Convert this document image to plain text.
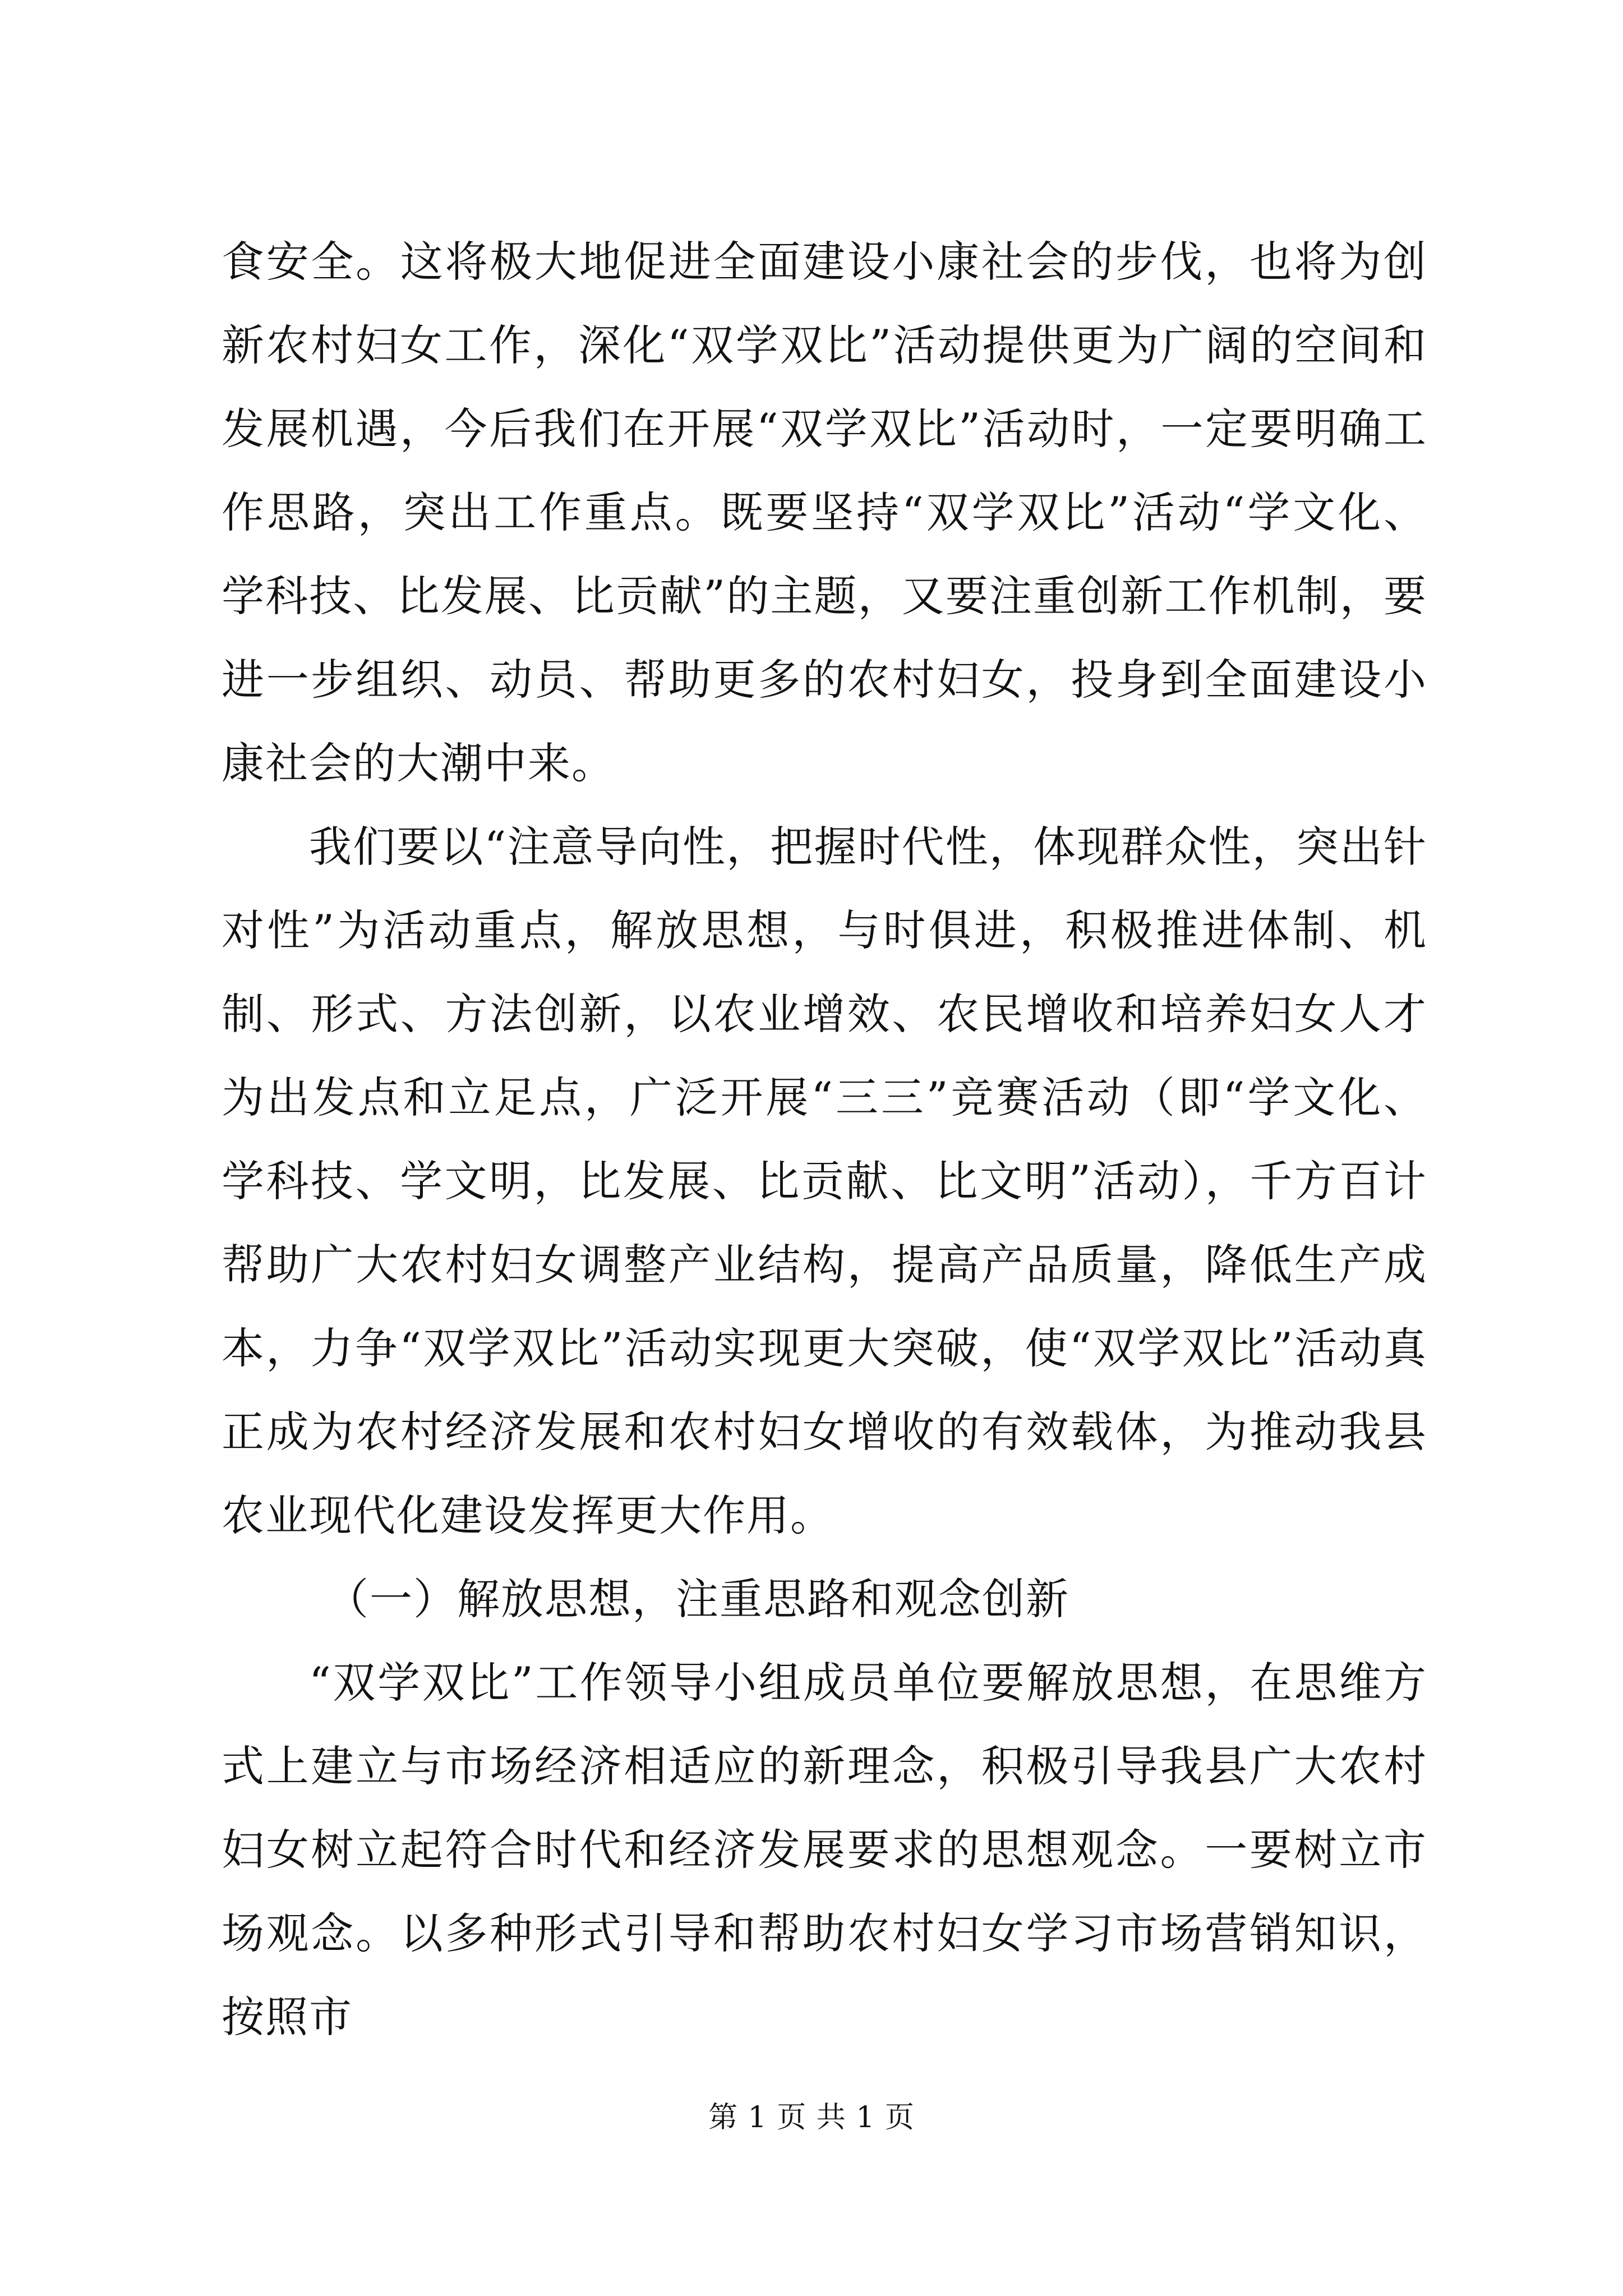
食安全。这将极大地促进全面建设小康社会的步伐，也将为创新农村妇女工作，深化“双学双比”活动提供更为广阔的空间和发展机遇，今后我们在开展“双学双比”活动时，一定要明确工作思路，突出工作重点。既要坚持“双学双比”活动“学文化、学科技、比发展、比贡献”的主题，又要注重创新工作机制，要进一步组织、动员、帮助更多的农村妇女，投身到全面建设小康社会的大潮中来。

我们要以“注意导向性，把握时代性，体现群众性，突出针对性”为活动重点，解放思想，与时俱进，积极推进体制、机制、形式、方法创新，以农业增效、农民增收和培养妇女人才为出发点和立足点，广泛开展“三三”竞赛活动（即“学文化、学科技、学文明，比发展、比贡献、比文明”活动），千方百计帮助广大农村妇女调整产业结构，提高产品质量，降低生产成本，力争“双学双比”活动实现更大突破，使“双学双比”活动真正成为农村经济发展和农村妇女增收的有效载体，为推动我县农业现代化建设发挥更大作用。

（一）解放思想，注重思路和观念创新

“双学双比”工作领导小组成员单位要解放思想，在思维方式上建立与市场经济相适应的新理念，积极引导我县广大农村妇女树立起符合时代和经济发展要求的思想观念。一要树立市场观念。以多种形式引导和帮助农村妇女学习市场营销知识，按照市

第 1 页 共 1 页
